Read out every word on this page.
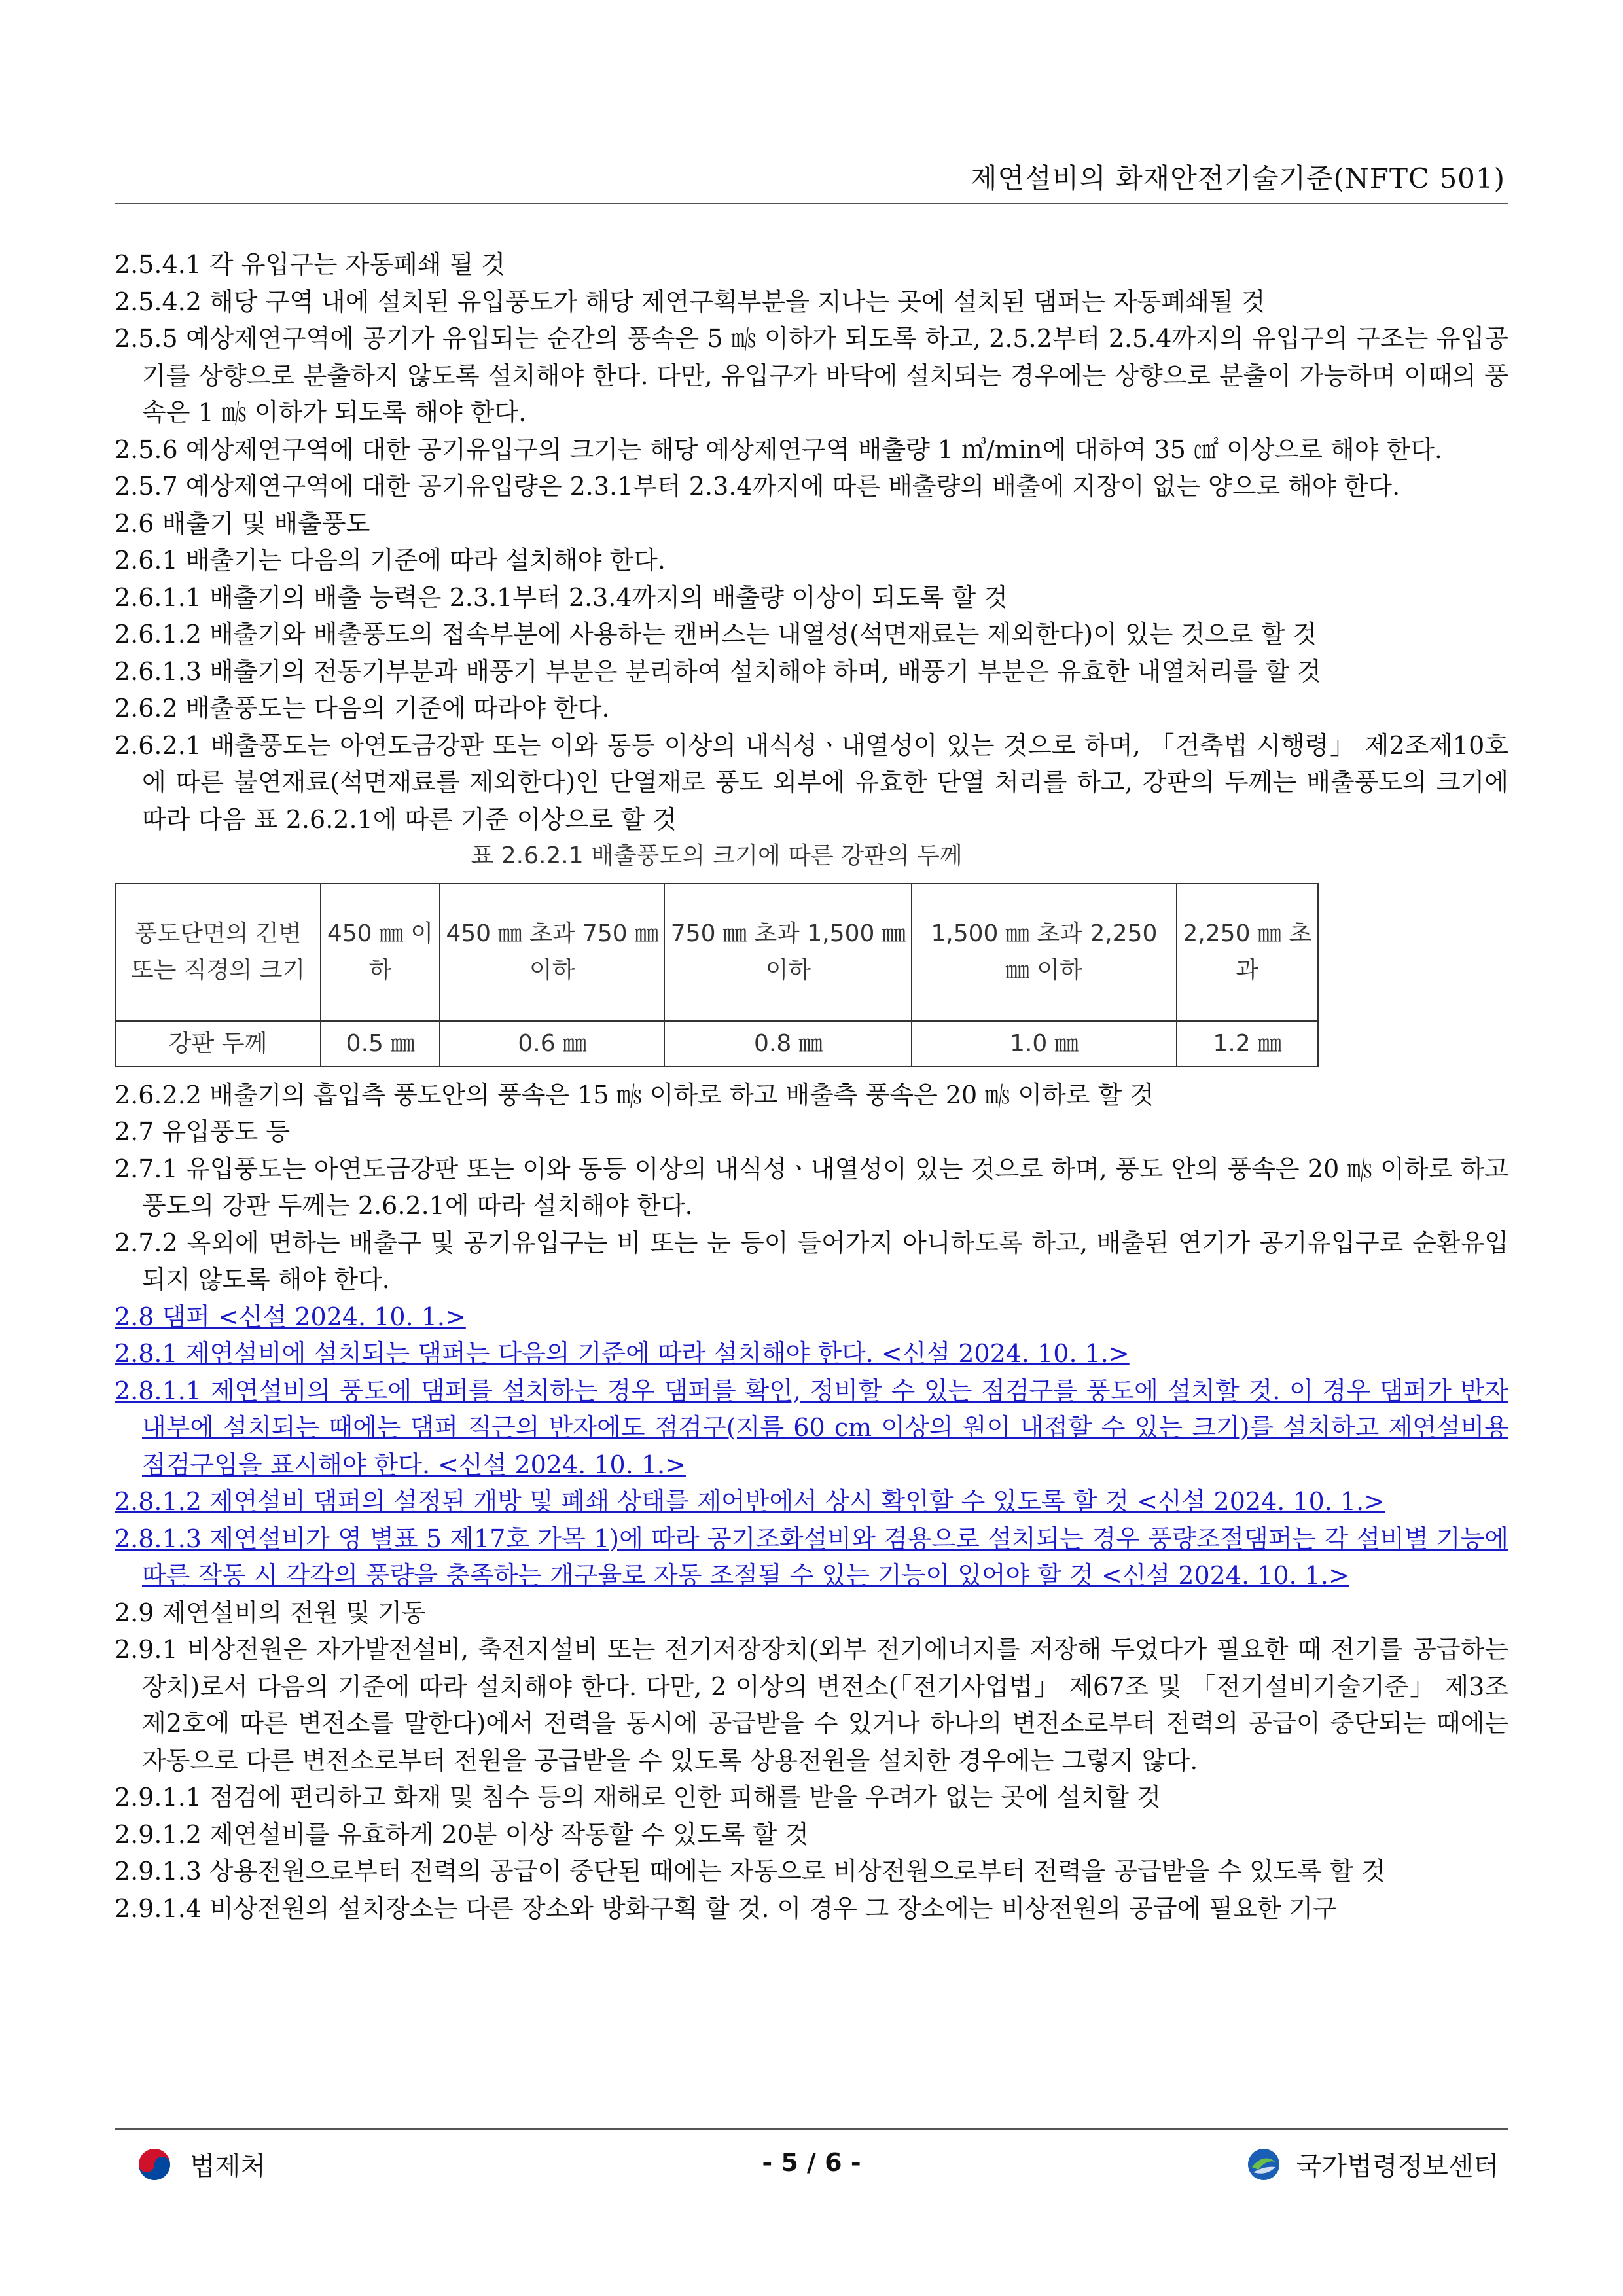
제연설비의 화재안전기술기준(NFTC 501)
2.5.4.1 각 유입구는 자동폐쇄 될 것
2.5.4.2 해당 구역 내에 설치된 유입풍도가 해당 제연구획부분을 지나는 곳에 설치된 댐퍼는 자동폐쇄될 것
2.5.5 예상제연구역에 공기가 유입되는 순간의 풍속은 5 ㎧ 이하가 되도록 하고, 2.5.2부터 2.5.4까지의 유입구의 구조는 유입공기를 상향으로 분출하지 않도록 설치해야 한다. 다만, 유입구가 바닥에 설치되는 경우에는 상향으로 분출이 가능하며 이때의 풍속은 1 ㎧ 이하가 되도록 해야 한다.
2.5.6 예상제연구역에 대한 공기유입구의 크기는 해당 예상제연구역 배출량 1 ㎥/min에 대하여 35 ㎠ 이상으로 해야 한다.
2.5.7 예상제연구역에 대한 공기유입량은 2.3.1부터 2.3.4까지에 따른 배출량의 배출에 지장이 없는 양으로 해야 한다.
2.6 배출기 및 배출풍도
2.6.1 배출기는 다음의 기준에 따라 설치해야 한다.
2.6.1.1 배출기의 배출 능력은 2.3.1부터 2.3.4까지의 배출량 이상이 되도록 할 것
2.6.1.2 배출기와 배출풍도의 접속부분에 사용하는 캔버스는 내열성(석면재료는 제외한다)이 있는 것으로 할 것
2.6.1.3 배출기의 전동기부분과 배풍기 부분은 분리하여 설치해야 하며, 배풍기 부분은 유효한 내열처리를 할 것
2.6.2 배출풍도는 다음의 기준에 따라야 한다.
2.6.2.1 배출풍도는 아연도금강판 또는 이와 동등 이상의 내식성ㆍ내열성이 있는 것으로 하며, 「건축법 시행령」 제2조제10호에 따른 불연재료(석면재료를 제외한다)인 단열재로 풍도 외부에 유효한 단열 처리를 하고, 강판의 두께는 배출풍도의 크기에 따라 다음 표 2.6.2.1에 따른 기준 이상으로 할 것
표 2.6.2.1 배출풍도의 크기에 따른 강판의 두께
풍도단면의 긴변 또는 직경의 크기	450 ㎜ 이하	450 ㎜ 초과 750 ㎜ 이하	750 ㎜ 초과 1,500 ㎜ 이하	1,500 ㎜ 초과 2,250 ㎜ 이하	2,250 ㎜ 초과
강판 두께	0.5 ㎜	0.6 ㎜	0.8 ㎜	1.0 ㎜	1.2 ㎜
2.6.2.2 배출기의 흡입측 풍도안의 풍속은 15 ㎧ 이하로 하고 배출측 풍속은 20 ㎧ 이하로 할 것
2.7 유입풍도 등
2.7.1 유입풍도는 아연도금강판 또는 이와 동등 이상의 내식성ㆍ내열성이 있는 것으로 하며, 풍도 안의 풍속은 20 ㎧ 이하로 하고 풍도의 강판 두께는 2.6.2.1에 따라 설치해야 한다.
2.7.2 옥외에 면하는 배출구 및 공기유입구는 비 또는 눈 등이 들어가지 아니하도록 하고, 배출된 연기가 공기유입구로 순환유입 되지 않도록 해야 한다.
2.8 댐퍼 <신설 2024. 10. 1.>
2.8.1 제연설비에 설치되는 댐퍼는 다음의 기준에 따라 설치해야 한다. <신설 2024. 10. 1.>
2.8.1.1 제연설비의 풍도에 댐퍼를 설치하는 경우 댐퍼를 확인, 정비할 수 있는 점검구를 풍도에 설치할 것. 이 경우 댐퍼가 반자 내부에 설치되는 때에는 댐퍼 직근의 반자에도 점검구(지름 60 cm 이상의 원이 내접할 수 있는 크기)를 설치하고 제연설비용 점검구임을 표시해야 한다. <신설 2024. 10. 1.>
2.8.1.2 제연설비 댐퍼의 설정된 개방 및 폐쇄 상태를 제어반에서 상시 확인할 수 있도록 할 것 <신설 2024. 10. 1.>
2.8.1.3 제연설비가 영 별표 5 제17호 가목 1)에 따라 공기조화설비와 겸용으로 설치되는 경우 풍량조절댐퍼는 각 설비별 기능에 따른 작동 시 각각의 풍량을 충족하는 개구율로 자동 조절될 수 있는 기능이 있어야 할 것 <신설 2024. 10. 1.>
2.9 제연설비의 전원 및 기동
2.9.1 비상전원은 자가발전설비, 축전지설비 또는 전기저장장치(외부 전기에너지를 저장해 두었다가 필요한 때 전기를 공급하는 장치)로서 다음의 기준에 따라 설치해야 한다. 다만, 2 이상의 변전소(「전기사업법」 제67조 및 「전기설비기술기준」 제3조제2호에 따른 변전소를 말한다)에서 전력을 동시에 공급받을 수 있거나 하나의 변전소로부터 전력의 공급이 중단되는 때에는 자동으로 다른 변전소로부터 전원을 공급받을 수 있도록 상용전원을 설치한 경우에는 그렇지 않다.
2.9.1.1 점검에 편리하고 화재 및 침수 등의 재해로 인한 피해를 받을 우려가 없는 곳에 설치할 것
2.9.1.2 제연설비를 유효하게 20분 이상 작동할 수 있도록 할 것
2.9.1.3 상용전원으로부터 전력의 공급이 중단된 때에는 자동으로 비상전원으로부터 전력을 공급받을 수 있도록 할 것
2.9.1.4 비상전원의 설치장소는 다른 장소와 방화구획 할 것. 이 경우 그 장소에는 비상전원의 공급에 필요한 기구
법제처	- 5 / 6 -	국가법령정보센터
